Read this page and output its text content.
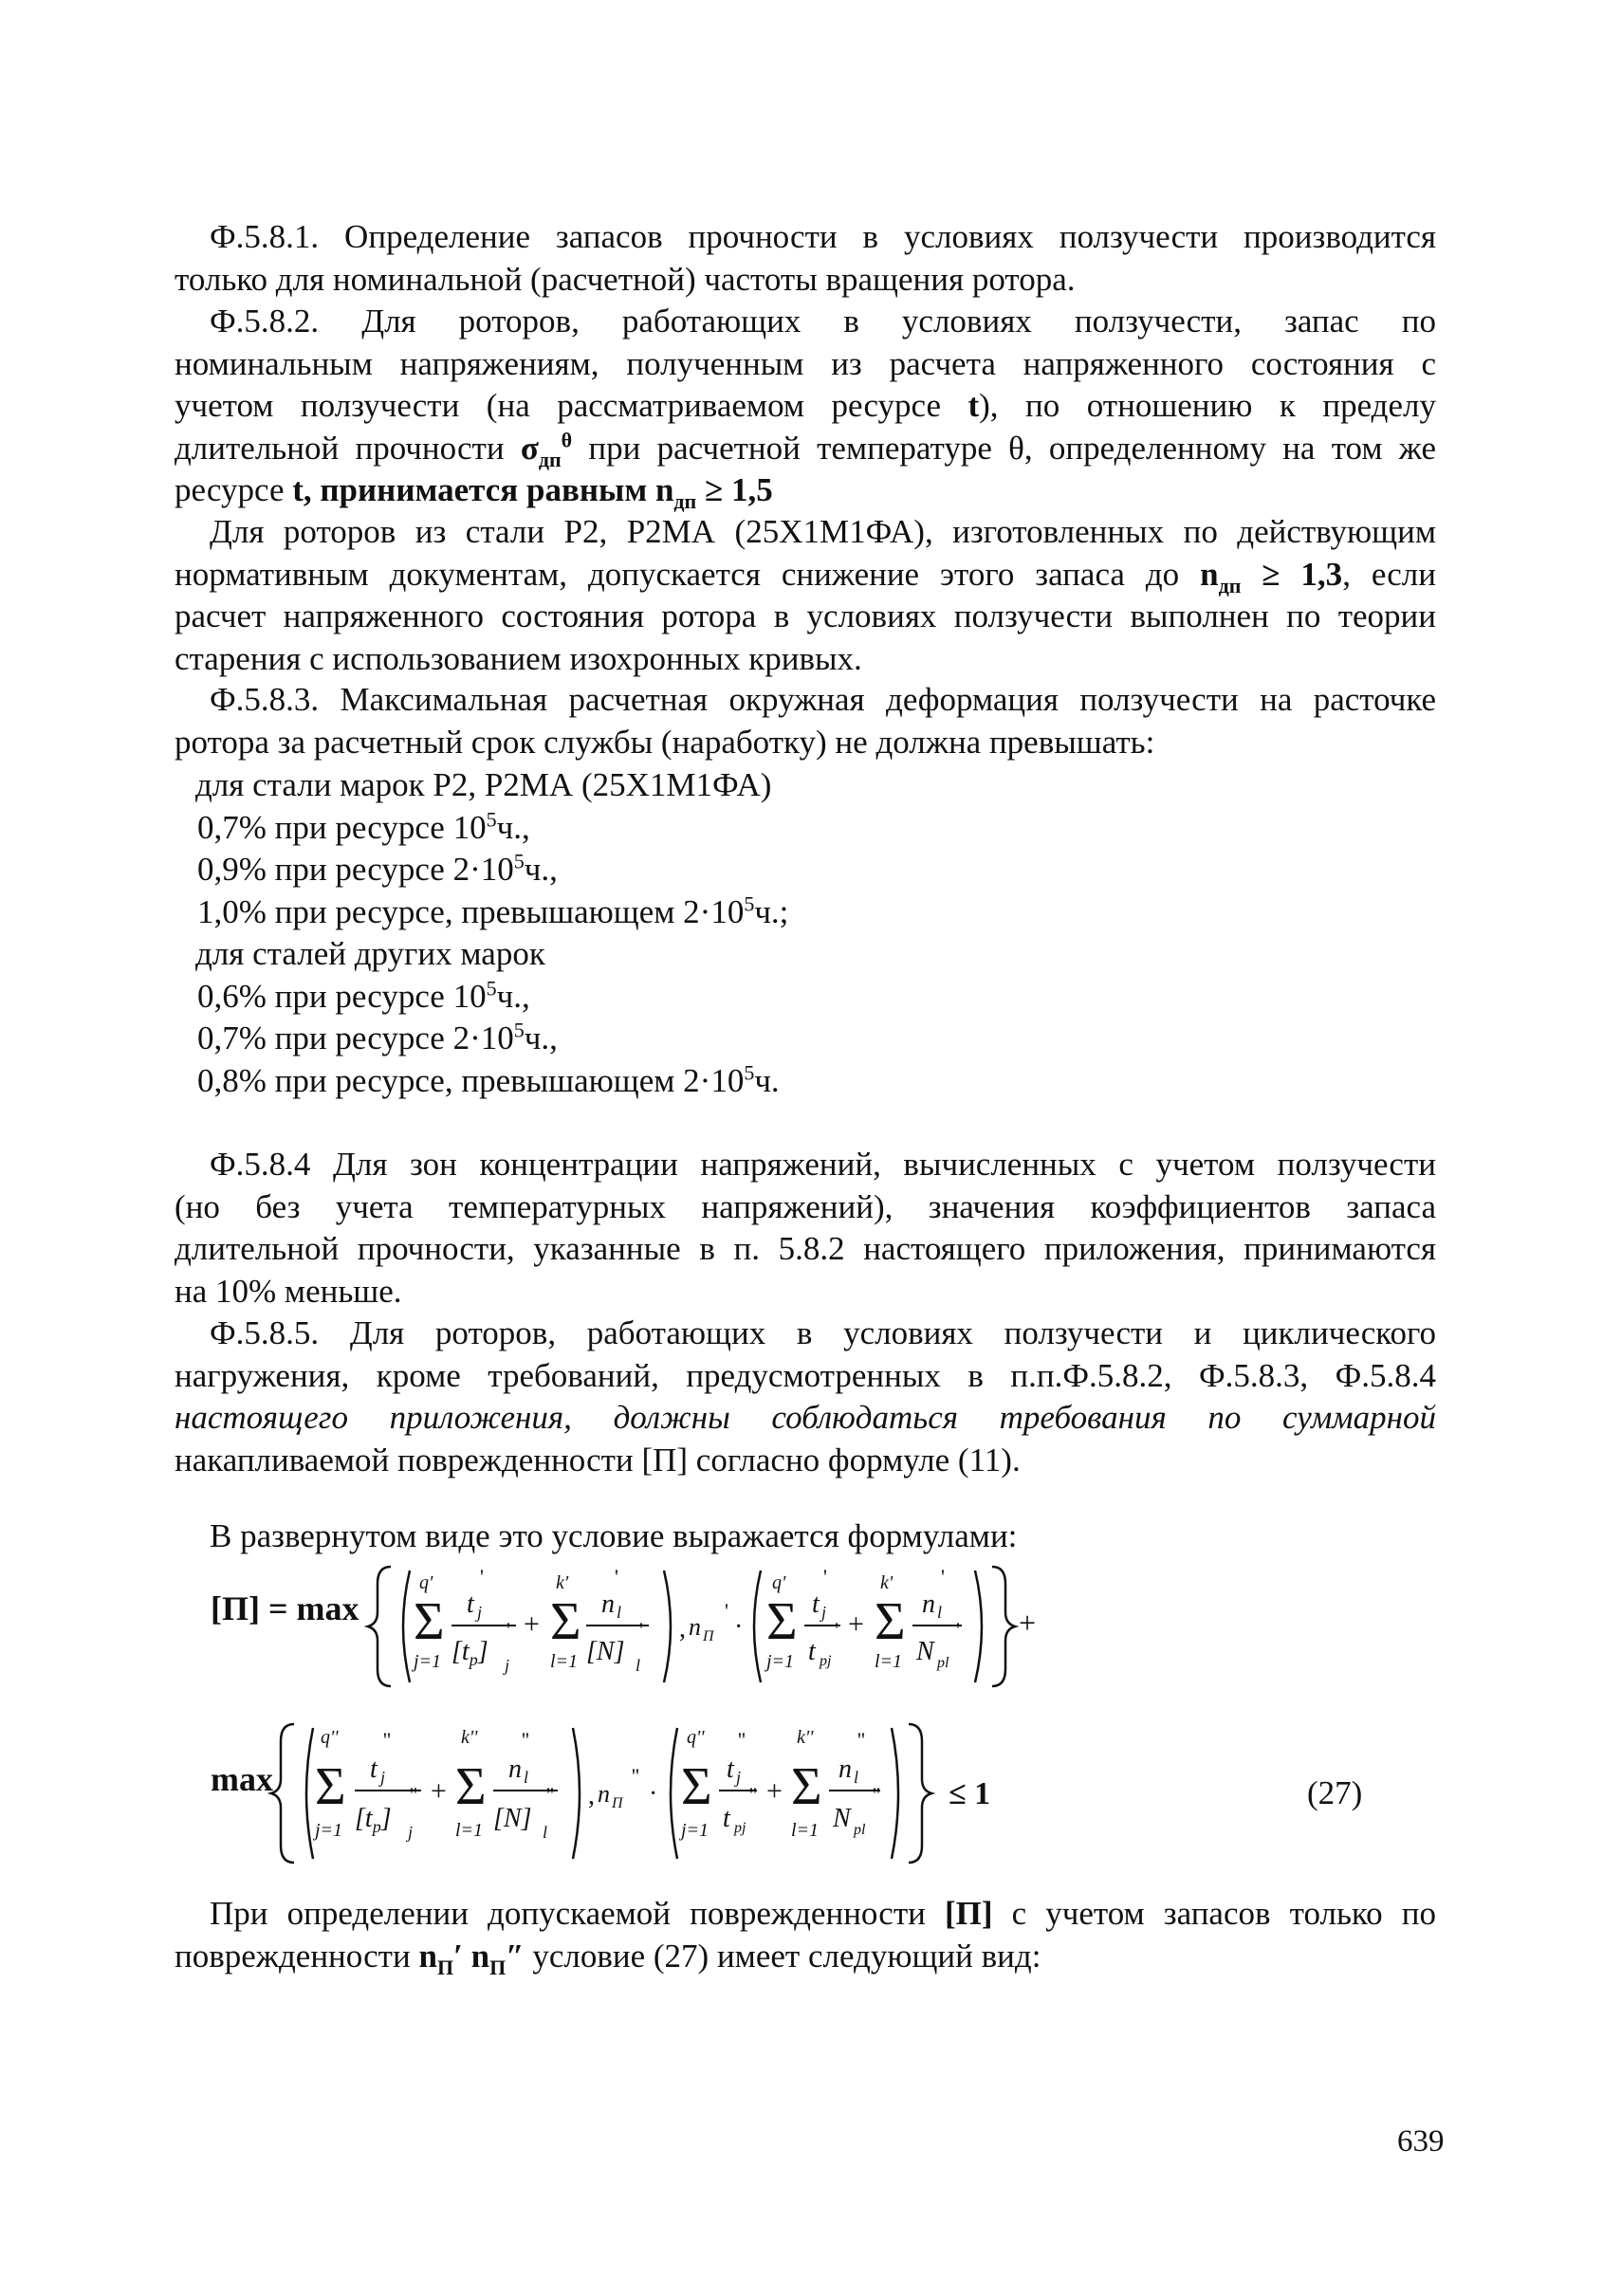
Ф.5.8.1. Определение запасов прочности в условиях ползучести производится
только для номинальной (расчетной) частоты вращения ротора.
Ф.5.8.2. Для роторов, работающих в условиях ползучести, запас по
номинальным напряжениям, полученным из расчета напряженного состояния с
учетом ползучести (на рассматриваемом ресурсе t), по отношению к пределу
длительной прочности $\sigma_{дп}^\theta$ при расчетной температуре θ, определенному на том же
ресурсе t, принимается равным $n_{дп} \ge 1,5$
Для роторов из стали Р2, Р2МА (25Х1М1ФА), изготовленных по действующим
нормативным документам, допускается снижение этого запаса до $n_{дп} \ge 1,3$, если
расчет напряженного состояния ротора в условиях ползучести выполнен по теории
старения с использованием изохронных кривых.
Ф.5.8.3. Максимальная расчетная окружная деформация ползучести на расточке
ротора за расчетный срок службы (наработку) не должна превышать:
для стали марок Р2, Р2МА (25Х1М1ФА)
0,7% при ресурсе $10^5ч$.,
0,9% при ресурсе $2\cdot 10^5ч$.,
1,0% при ресурсе, превышающем $2\cdot 10^5ч$.;
для сталей других марок
0,6% при ресурсе $10^5ч$.,
0,7% при ресурсе $2\cdot 10^5ч$.,
0,8% при ресурсе, превышающем $2\cdot 10^5ч$.
Ф.5.8.4 Для зон концентрации напряжений, вычисленных с учетом ползучести
(но без учета температурных напряжений), значения коэффициентов запаса
длительной прочности, указанные в п. 5.8.2 настоящего приложения, принимаются
на 10% меньше.
Ф.5.8.5. Для роторов, работающих в условиях ползучести и циклического
нагружения, кроме требований, предусмотренных в п.п.Ф.5.8.2, Ф.5.8.3, Ф.5.8.4
настоящего приложения, должны соблюдаться требования по суммарной
накапливаемой поврежденности [П] согласно формуле (11).
В развернутом виде это условие выражается формулами:
[П] = max
q'
Σ
j=1
t j
'
$[t_p]$ j
' +
k'
Σ
l=1
n l
'
[N] l
' , n П
'
·
q'
Σ
j=1
t j
'
t pj
' +
k'
Σ
l=1
n l
'
N pl
' +
max
q''
Σ
j=1
t j
''
$[t_p]$ j
'' +
k''
Σ
l=1
n l
''
[N] l
'' , n П
''
·
q''
Σ
j=1
t j
''
t pj
'' +
k''
Σ
l=1
n l
''
N pl
'' ≤ 1	(27)
При определении допускаемой поврежденности [П] с учетом запасов только по
поврежденности $n_П'$ $n_П''$ условие (27) имеет следующий вид:
639
